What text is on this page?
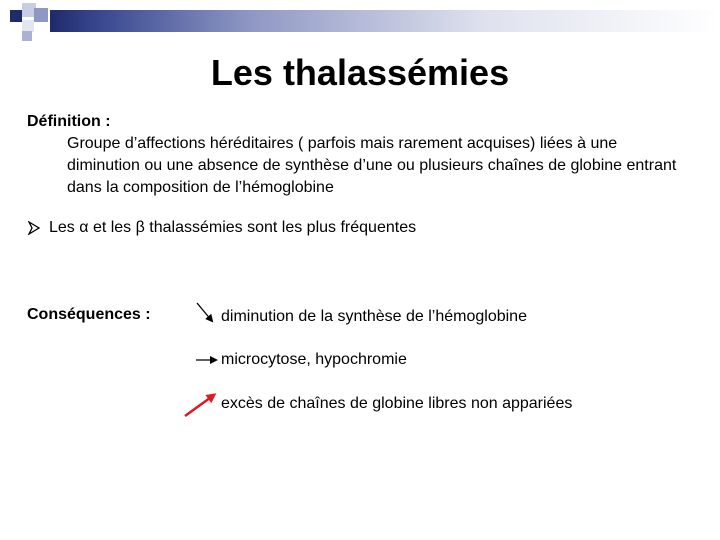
Les thalassémies
Définition :
Groupe d’affections héréditaires ( parfois mais rarement acquises) liées à une diminution ou une absence de synthèse d’une ou plusieurs chaînes de globine entrant dans la composition de l’hémoglobine
Les α et les β thalassémies sont les plus fréquentes
Conséquences :	diminution de la synthèse de l’hémoglobine
microcytose, hypochromie
excès de chaînes de globine libres non appariées
